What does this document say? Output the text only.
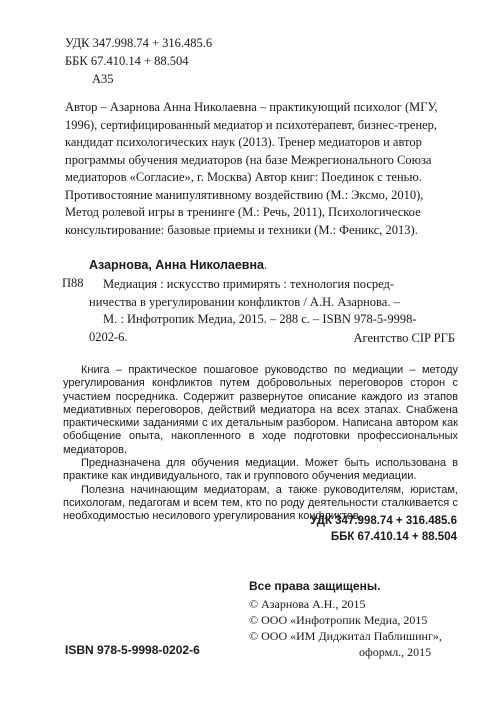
УДК 347.998.74 + 316.485.6
ББК 67.410.14 + 88.504
А35
Автор – Азарнова Анна Николаевна – практикующий психолог (МГУ,
1996), сертифицированный медиатор и психотерапевт, бизнес-тренер,
кандидат психологических наук (2013). Тренер медиаторов и автор
программы обучения медиаторов (на базе Межрегионального Союза
медиаторов «Согласие», г. Москва) Автор книг: Поединок с тенью.
Противостояние манипулятивному воздействию (М.: Эксмо, 2010),
Метод ролевой игры в тренинге (М.: Речь, 2011), Психологическое
консультирование: базовые приемы и техники (М.: Феникс, 2013).
Азарнова, Анна Николаевна.
П88	Медиация : искусство примирять : технология посред-
ничества в урегулировании конфликтов / А.Н. Азарнова. –
М. : Инфотропик Медиа, 2015. – 288 с. – ISBN 978-5-9998-
0202-6.	Агентство CIP РГБ

Книга – практическое пошаговое руководство по медиации – методу урегулирования конфликтов путем добровольных переговоров сторон с участием посредника. Содержит развернутое описание каждого из этапов медиативных переговоров, действий медиатора на всех этапах. Снабжена практическими заданиями с их детальным разбором. Написана автором как обобщение опыта, накопленного в ходе подготовки профессиональных медиаторов.

Предназначена для обучения медиации. Может быть использована в практике как индивидуального, так и группового обучения медиации.

Полезна начинающим медиаторам, а также руководителям, юристам, психологам, педагогам и всем тем, кто по роду деятельности сталкивается с необходимостью несилового урегулирования конфликтов.

УДК 347.998.74 + 316.485.6
ББК 67.410.14 + 88.504
Все права защищены.
© Азарнова А.Н., 2015
© ООО «Инфотропик Медиа, 2015
© ООО «ИМ Диджитал Паблишинг»,
оформл., 2015
ISBN 978-5-9998-0202-6
